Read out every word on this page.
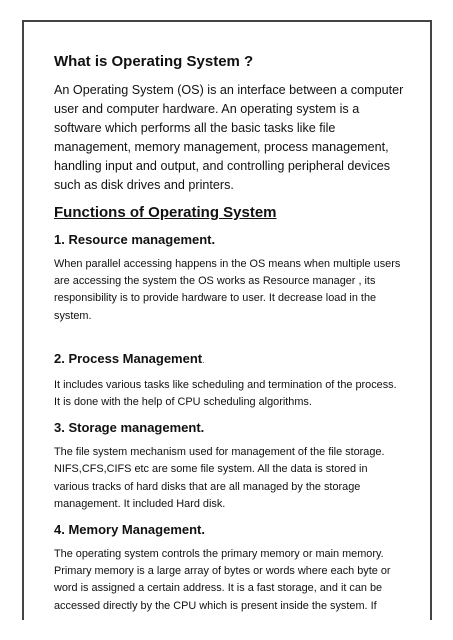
What is Operating System ?

An Operating System (OS) is an interface between a computer user and computer hardware. An operating system is a software which performs all the basic tasks like file management, memory management, process management, handling input and output, and controlling peripheral devices such as disk drives and printers.

Functions of Operating System

1. Resource management.

When parallel accessing happens in the OS means when multiple users are accessing the system the OS works as Resource manager , its responsibility is to provide hardware to user. It decrease load in the system.

2. Process Management.

It includes various tasks like scheduling and termination of the process. It is done with the help of CPU scheduling algorithms.

3. Storage management.

The file system mechanism used for management of the file storage. NIFS,CFS,CIFS etc are some file system. All the data is stored in various tracks of hard disks that are all managed by the storage management. It included Hard disk.

4. Memory Management.

The operating system controls the primary memory or main memory. Primary memory is a large array of bytes or words where each byte or word is assigned a certain address. It is a fast storage, and it can be accessed directly by the CPU which is present inside the system. If
